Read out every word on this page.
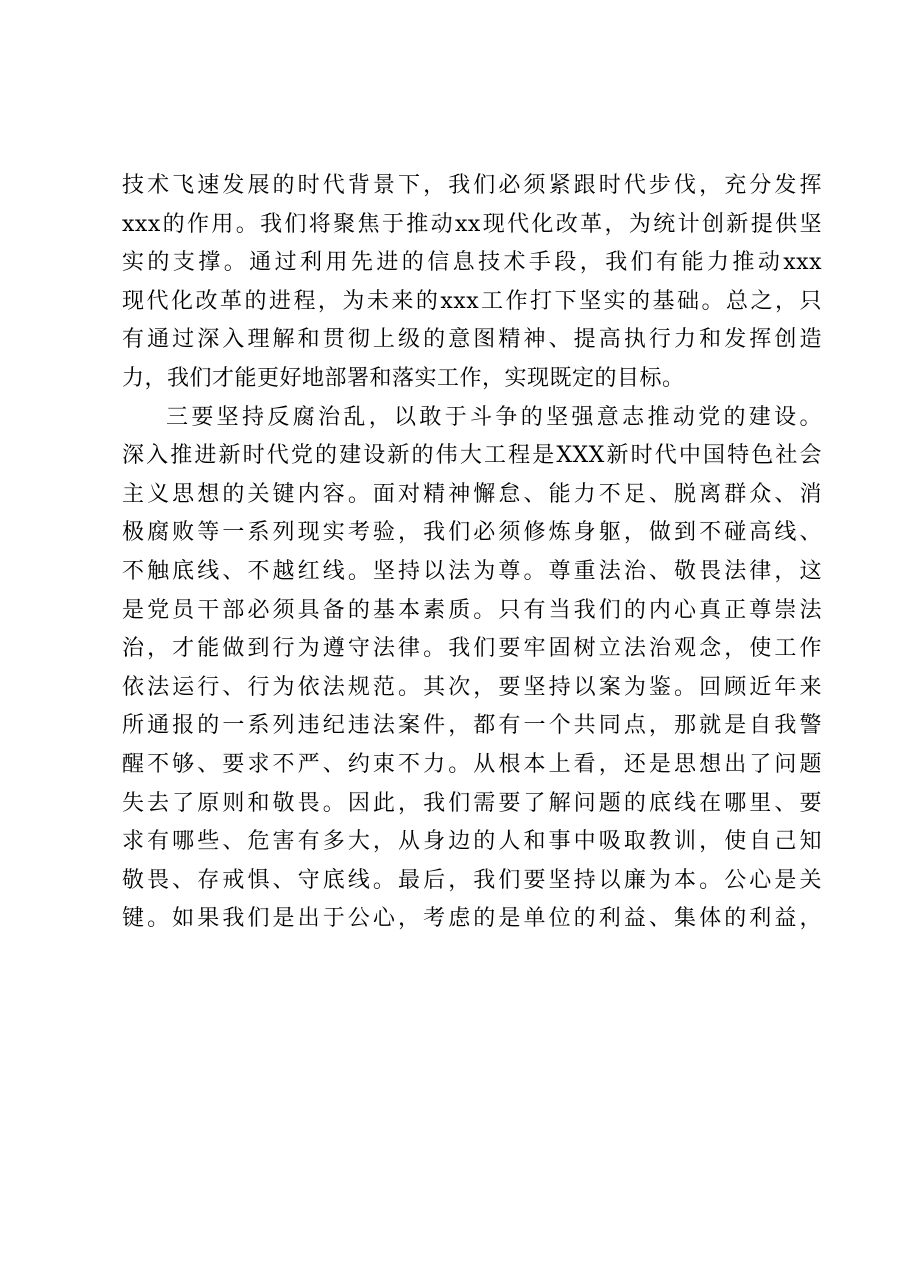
技术飞速发展的时代背景下，我们必须紧跟时代步伐，充分发挥
xxx的作用。我们将聚焦于推动xx现代化改革，为统计创新提供坚
实的支撑。通过利用先进的信息技术手段，我们有能力推动xxx
现代化改革的进程，为未来的xxx工作打下坚实的基础。总之，只
有通过深入理解和贯彻上级的意图精神、提高执行力和发挥创造
力，我们才能更好地部署和落实工作，实现既定的目标。
三要坚持反腐治乱，以敢于斗争的坚强意志推动党的建设。
深入推进新时代党的建设新的伟大工程是XXX新时代中国特色社会
主义思想的关键内容。面对精神懈怠、能力不足、脱离群众、消
极腐败等一系列现实考验，我们必须修炼身躯，做到不碰高线、
不触底线、不越红线。坚持以法为尊。尊重法治、敬畏法律，这
是党员干部必须具备的基本素质。只有当我们的内心真正尊崇法
治，才能做到行为遵守法律。我们要牢固树立法治观念，使工作
依法运行、行为依法规范。其次，要坚持以案为鉴。回顾近年来
所通报的一系列违纪违法案件，都有一个共同点，那就是自我警
醒不够、要求不严、约束不力。从根本上看，还是思想出了问题
失去了原则和敬畏。因此，我们需要了解问题的底线在哪里、要
求有哪些、危害有多大，从身边的人和事中吸取教训，使自己知
敬畏、存戒惧、守底线。最后，我们要坚持以廉为本。公心是关
键。如果我们是出于公心，考虑的是单位的利益、集体的利益，
